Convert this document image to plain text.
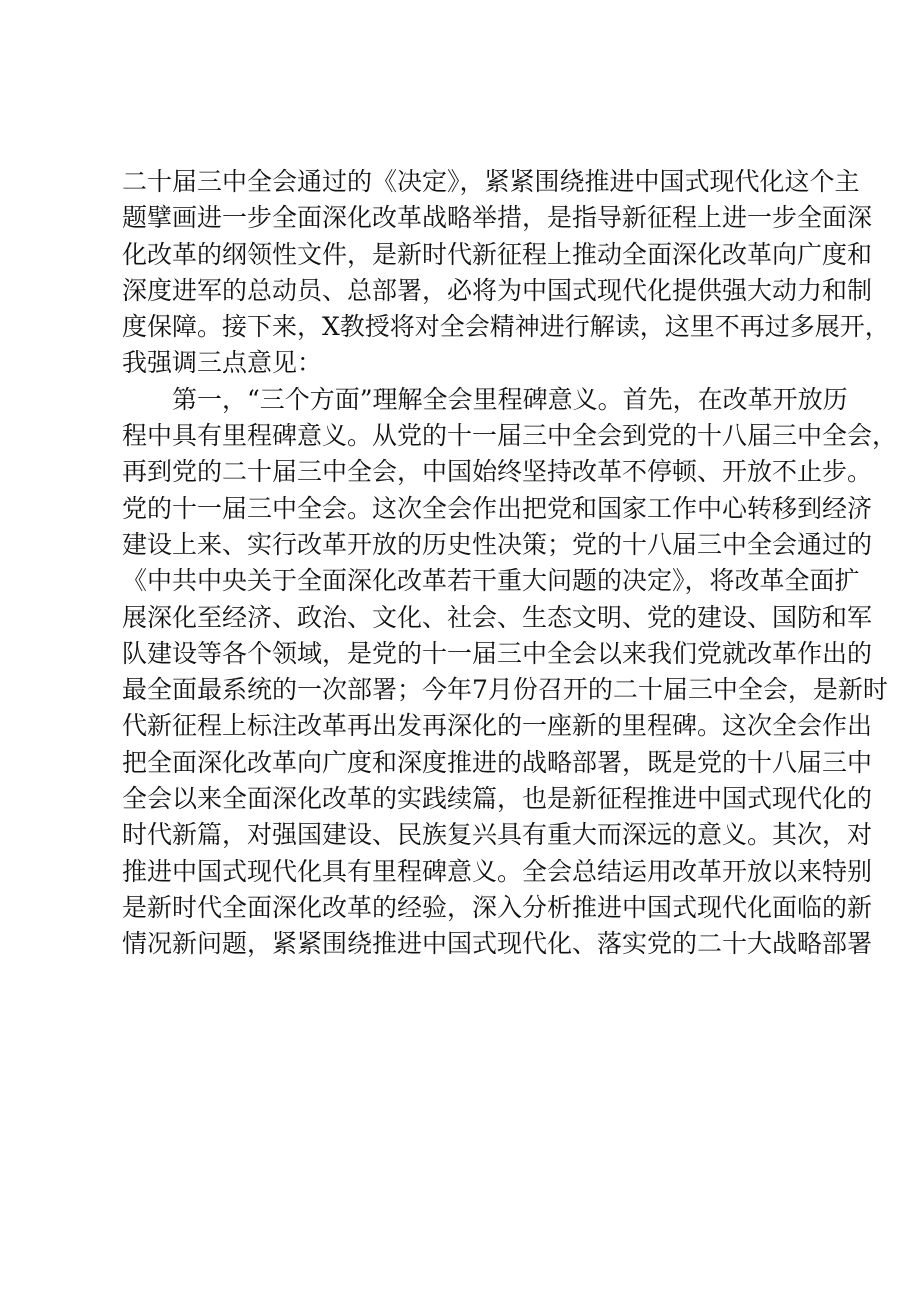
二十届三中全会通过的《决定》，紧紧围绕推进中国式现代化这个主
题擘画进一步全面深化改革战略举措，是指导新征程上进一步全面深
化改革的纲领性文件，是新时代新征程上推动全面深化改革向广度和
深度进军的总动员、总部署，必将为中国式现代化提供强大动力和制
度保障。接下来，X教授将对全会精神进行解读，这里不再过多展开，
我强调三点意见：
第一，“三个方面”理解全会里程碑意义。首先，在改革开放历
程中具有里程碑意义。从党的十一届三中全会到党的十八届三中全会，
再到党的二十届三中全会，中国始终坚持改革不停顿、开放不止步。
党的十一届三中全会。这次全会作出把党和国家工作中心转移到经济
建设上来、实行改革开放的历史性决策；党的十八届三中全会通过的
《中共中央关于全面深化改革若干重大问题的决定》，将改革全面扩
展深化至经济、政治、文化、社会、生态文明、党的建设、国防和军
队建设等各个领域，是党的十一届三中全会以来我们党就改革作出的
最全面最系统的一次部署；今年7月份召开的二十届三中全会，是新时
代新征程上标注改革再出发再深化的一座新的里程碑。这次全会作出
把全面深化改革向广度和深度推进的战略部署，既是党的十八届三中
全会以来全面深化改革的实践续篇，也是新征程推进中国式现代化的
时代新篇，对强国建设、民族复兴具有重大而深远的意义。其次，对
推进中国式现代化具有里程碑意义。全会总结运用改革开放以来特别
是新时代全面深化改革的经验，深入分析推进中国式现代化面临的新
情况新问题，紧紧围绕推进中国式现代化、落实党的二十大战略部署
